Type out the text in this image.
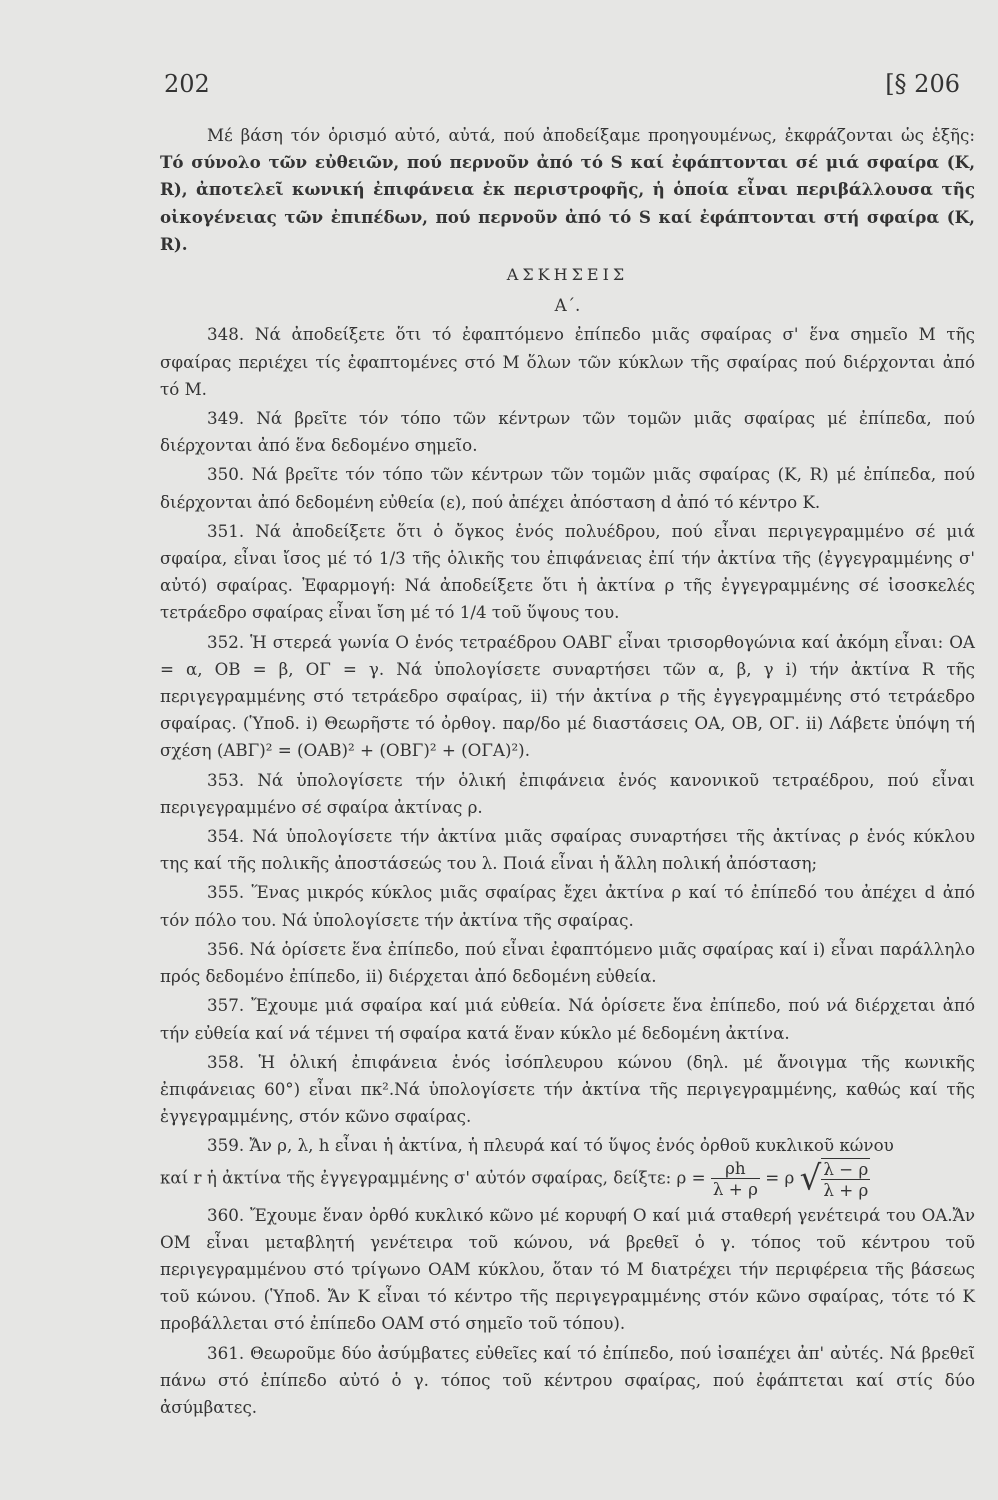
202	[§ 206

Μέ βάση τόν ὁρισμό αὐτό, αὐτά, πού ἀποδείξαμε προηγουμένως, ἐκφράζονται ὡς ἑξῆς: Τό σύνολο τῶν εὐθειῶν, πού περνοῦν ἀπό τό S καί ἐφάπτονται σέ μιά σφαίρα (K, R), ἀποτελεῖ κωνική ἐπιφάνεια ἐκ περιστροφῆς, ἡ ὁποία εἶναι περιβάλλουσα τῆς οἰκογένειας τῶν ἐπιπέδων, πού περνοῦν ἀπό τό S καί ἐφάπτονται στή σφαίρα (K, R).

ΑΣΚΗΣΕΙΣ
Α΄.

348. Νά ἀποδείξετε ὅτι τό ἐφαπτόμενο ἐπίπεδο μιᾶς σφαίρας σ' ἕνα σημεῖο Μ τῆς σφαίρας περιέχει τίς ἐφαπτομένες στό Μ ὅλων τῶν κύκλων τῆς σφαίρας πού διέρχονται ἀπό τό Μ.

349. Νά βρεῖτε τόν τόπο τῶν κέντρων τῶν τομῶν μιᾶς σφαίρας μέ ἐπίπεδα, πού διέρχονται ἀπό ἕνα δεδομένο σημεῖο.

350. Νά βρεῖτε τόν τόπο τῶν κέντρων τῶν τομῶν μιᾶς σφαίρας (K, R) μέ ἐπίπεδα, πού διέρχονται ἀπό δεδομένη εὐθεία (ε), πού ἀπέχει ἀπόσταση d ἀπό τό κέντρο Κ.

351. Νά ἀποδείξετε ὅτι ὁ ὄγκος ἑνός πολυέδρου, πού εἶναι περιγεγραμμένο σέ μιά σφαίρα, εἶναι ἴσος μέ τό 1/3 τῆς ὁλικῆς του ἐπιφάνειας ἐπί τήν ἀκτίνα τῆς (ἐγγεγραμμένης σ' αὐτό) σφαίρας. Ἐφαρμογή: Νά ἀποδείξετε ὅτι ἡ ἀκτίνα ρ τῆς ἐγγεγραμμένης σέ ἰσοσκελές τετράεδρο σφαίρας εἶναι ἴση μέ τό 1/4 τοῦ ὕψους του.

352. Ἡ στερεά γωνία Ο ἑνός τετραέδρου ΟΑΒΓ εἶναι τρισορθογώνια καί ἀκόμη εἶναι: ΟΑ = α, ΟΒ = β, ΟΓ = γ. Νά ὑπολογίσετε συναρτήσει τῶν α, β, γ i) τήν ἀκτίνα R τῆς περιγεγραμμένης στό τετράεδρο σφαίρας, ii) τήν ἀκτίνα ρ τῆς ἐγγεγραμμένης στό τετράεδρο σφαίρας. (Ὑποδ. i) Θεωρῆστε τό ὀρθογ. παρ/δο μέ διαστάσεις ΟΑ, ΟΒ, ΟΓ. ii) Λάβετε ὑπόψη τή σχέση (ΑΒΓ)² = (ΟΑΒ)² + (ΟΒΓ)² + (ΟΓΑ)²).

353. Νά ὑπολογίσετε τήν ὁλική ἐπιφάνεια ἑνός κανονικοῦ τετραέδρου, πού εἶναι περιγεγραμμένο σέ σφαίρα ἀκτίνας ρ.

354. Νά ὑπολογίσετε τήν ἀκτίνα μιᾶς σφαίρας συναρτήσει τῆς ἀκτίνας ρ ἑνός κύκλου της καί τῆς πολικῆς ἀποστάσεώς του λ. Ποιά εἶναι ἡ ἄλλη πολική ἀπόσταση;

355. Ἕνας μικρός κύκλος μιᾶς σφαίρας ἔχει ἀκτίνα ρ καί τό ἐπίπεδό του ἀπέχει d ἀπό τόν πόλο του. Νά ὑπολογίσετε τήν ἀκτίνα τῆς σφαίρας.

356. Νά ὁρίσετε ἕνα ἐπίπεδο, πού εἶναι ἐφαπτόμενο μιᾶς σφαίρας καί i) εἶναι παράλληλο πρός δεδομένο ἐπίπεδο, ii) διέρχεται ἀπό δεδομένη εὐθεία.

357. Ἔχουμε μιά σφαίρα καί μιά εὐθεία. Νά ὁρίσετε ἕνα ἐπίπεδο, πού νά διέρχεται ἀπό τήν εὐθεία καί νά τέμνει τή σφαίρα κατά ἕναν κύκλο μέ δεδομένη ἀκτίνα.

358. Ἡ ὁλική ἐπιφάνεια ἑνός ἰσόπλευρου κώνου (δηλ. μέ ἄνοιγμα τῆς κωνικῆς ἐπιφάνειας 60°) εἶναι πκ².Νά ὑπολογίσετε τήν ἀκτίνα τῆς περιγεγραμμένης, καθώς καί τῆς ἐγγεγραμμένης, στόν κῶνο σφαίρας.

359. Ἄν ρ, λ, h εἶναι ἡ ἀκτίνα, ἡ πλευρά καί τό ὕψος ἑνός ὀρθοῦ κυκλικοῦ κώνου

καί r ἡ ἀκτίνα τῆς ἐγγεγραμμένης σ' αὐτόν σφαίρας, δείξτε: $\rho = \frac{\rho h}{\lambda + \rho} = \rho$ √ $\frac{\lambda - \rho}{\lambda + \rho}$

360. Ἔχουμε ἕναν ὀρθό κυκλικό κῶνο μέ κορυφή Ο καί μιά σταθερή γενέτειρά του ΟΑ.Ἄν ΟΜ εἶναι μεταβλητή γενέτειρα τοῦ κώνου, νά βρεθεῖ ὁ γ. τόπος τοῦ κέντρου τοῦ περιγεγραμμένου στό τρίγωνο ΟΑΜ κύκλου, ὅταν τό Μ διατρέχει τήν περιφέρεια τῆς βάσεως τοῦ κώνου. (Ὑποδ. Ἄν Κ εἶναι τό κέντρο τῆς περιγεγραμμένης στόν κῶνο σφαίρας, τότε τό Κ προβάλλεται στό ἐπίπεδο ΟΑΜ στό σημεῖο τοῦ τόπου).

361. Θεωροῦμε δύο ἀσύμβατες εὐθεῖες καί τό ἐπίπεδο, πού ἰσαπέχει ἀπ' αὐτές. Νά βρεθεῖ πάνω στό ἐπίπεδο αὐτό ὁ γ. τόπος τοῦ κέντρου σφαίρας, πού ἐφάπτεται καί στίς δύο ἀσύμβατες.
